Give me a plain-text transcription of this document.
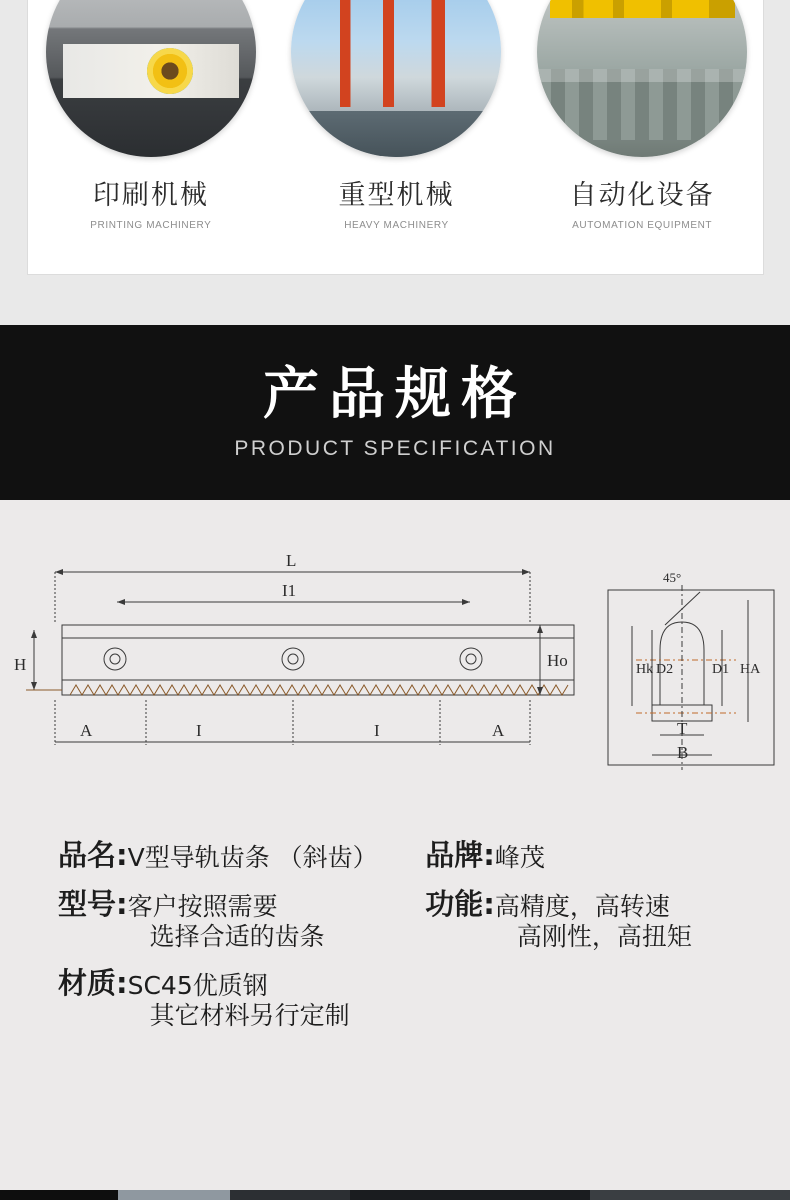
印刷机械
PRINTING MACHINERY
重型机械
HEAVY MACHINERY
自动化设备
AUTOMATION EQUIPMENT
产品规格
PRODUCT SPECIFICATION
L
I1
H	Ho
A	I	I	A
45°
Hk D2	D1 HA
T
B
品名: V型导轨齿条 （斜齿）
型号: 客户按照需要
选择合适的齿条
材质: SC45优质钢
其它材料另行定制
品牌: 峰茂
功能: 高精度，高转速
高刚性，高扭矩
